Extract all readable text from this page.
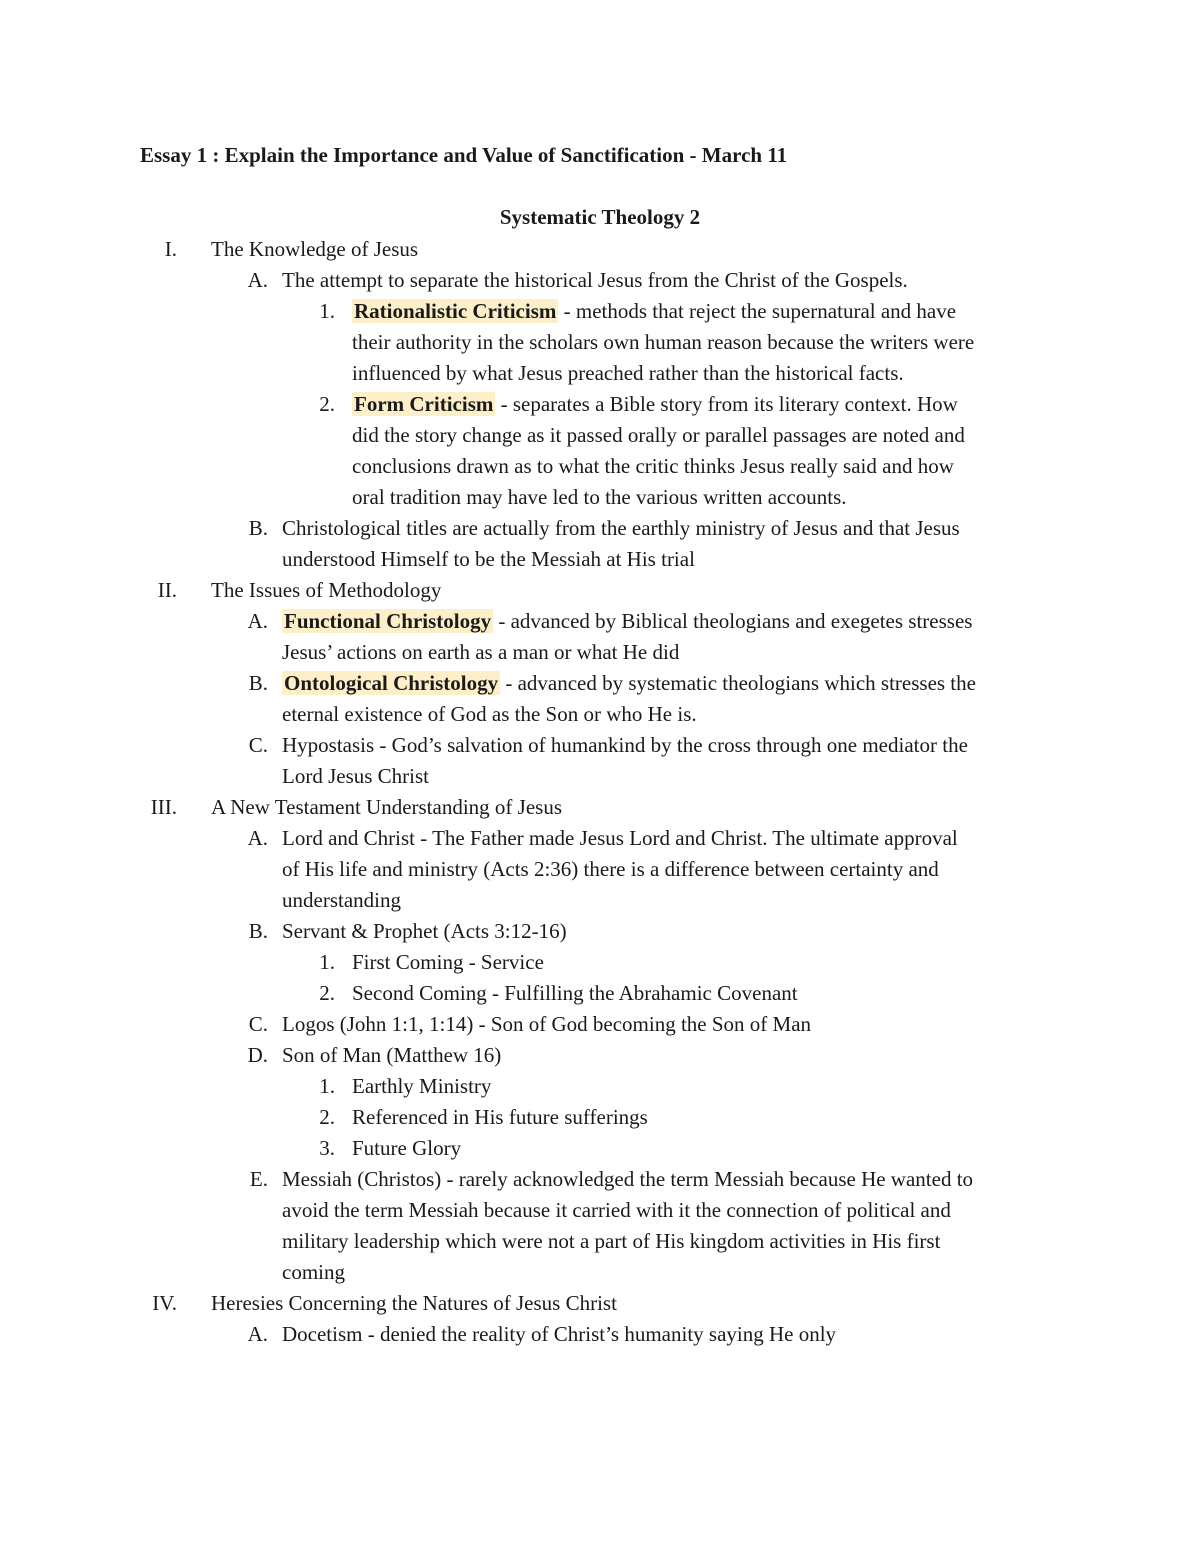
Essay 1 : Explain the Importance and Value of Sanctification - March 11
Systematic Theology 2
I. The Knowledge of Jesus
A. The attempt to separate the historical Jesus from the Christ of the Gospels.
1. Rationalistic Criticism - methods that reject the supernatural and have
their authority in the scholars own human reason because the writers were
influenced by what Jesus preached rather than the historical facts.
2. Form Criticism - separates a Bible story from its literary context. How
did the story change as it passed orally or parallel passages are noted and
conclusions drawn as to what the critic thinks Jesus really said and how
oral tradition may have led to the various written accounts.
B. Christological titles are actually from the earthly ministry of Jesus and that Jesus
understood Himself to be the Messiah at His trial
II. The Issues of Methodology
A. Functional Christology - advanced by Biblical theologians and exegetes stresses
Jesus’ actions on earth as a man or what He did
B. Ontological Christology - advanced by systematic theologians which stresses the
eternal existence of God as the Son or who He is.
C. Hypostasis - God’s salvation of humankind by the cross through one mediator the
Lord Jesus Christ
III. A New Testament Understanding of Jesus
A. Lord and Christ - The Father made Jesus Lord and Christ. The ultimate approval
of His life and ministry (Acts 2:36) there is a difference between certainty and
understanding
B. Servant & Prophet (Acts 3:12-16)
1. First Coming - Service
2. Second Coming - Fulfilling the Abrahamic Covenant
C. Logos (John 1:1, 1:14) - Son of God becoming the Son of Man
D. Son of Man (Matthew 16)
1. Earthly Ministry
2. Referenced in His future sufferings
3. Future Glory
E. Messiah (Christos) - rarely acknowledged the term Messiah because He wanted to
avoid the term Messiah because it carried with it the connection of political and
military leadership which were not a part of His kingdom activities in His first
coming
IV. Heresies Concerning the Natures of Jesus Christ
A. Docetism - denied the reality of Christ’s humanity saying He only
